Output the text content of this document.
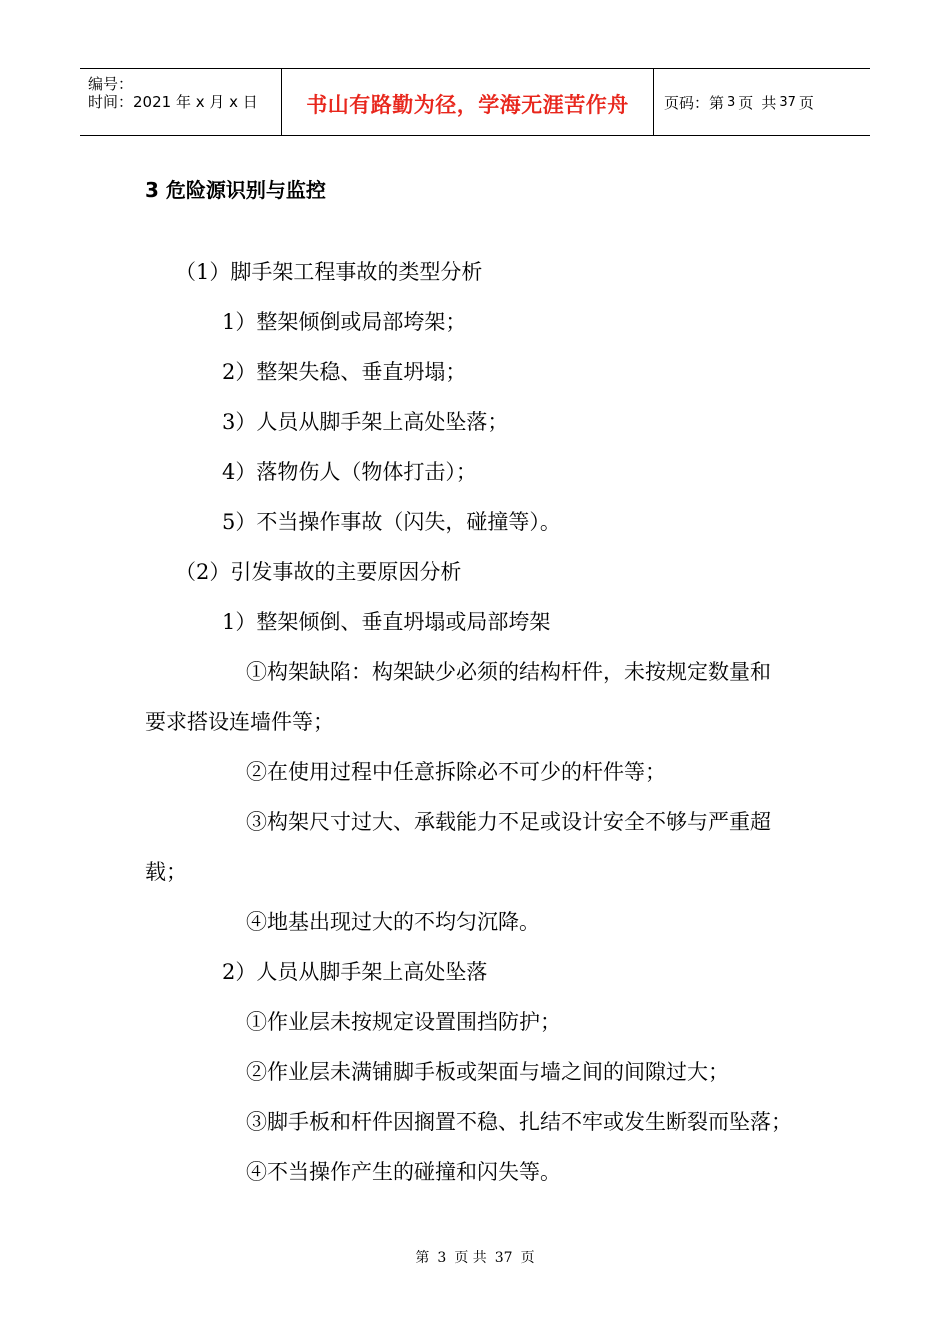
编号：
时间：2021 年 x 月 x 日 书山有路勤为径，学海无涯苦作舟 页码：第 3 页 共 37 页
3 危险源识别与监控
（1）脚手架工程事故的类型分析
1）整架倾倒或局部垮架；
2）整架失稳、垂直坍塌；
3）人员从脚手架上高处坠落；
4）落物伤人（物体打击）；
5）不当操作事故（闪失，碰撞等）。
（2）引发事故的主要原因分析
1）整架倾倒、垂直坍塌或局部垮架
①构架缺陷：构架缺少必须的结构杆件，未按规定数量和
要求搭设连墙件等；
②在使用过程中任意拆除必不可少的杆件等；
③构架尺寸过大、承载能力不足或设计安全不够与严重超
载；
④地基出现过大的不均匀沉降。
2）人员从脚手架上高处坠落
①作业层未按规定设置围挡防护；
②作业层未满铺脚手板或架面与墙之间的间隙过大；
③脚手板和杆件因搁置不稳、扎结不牢或发生断裂而坠落；
④不当操作产生的碰撞和闪失等。
第 3 页 共 37 页
